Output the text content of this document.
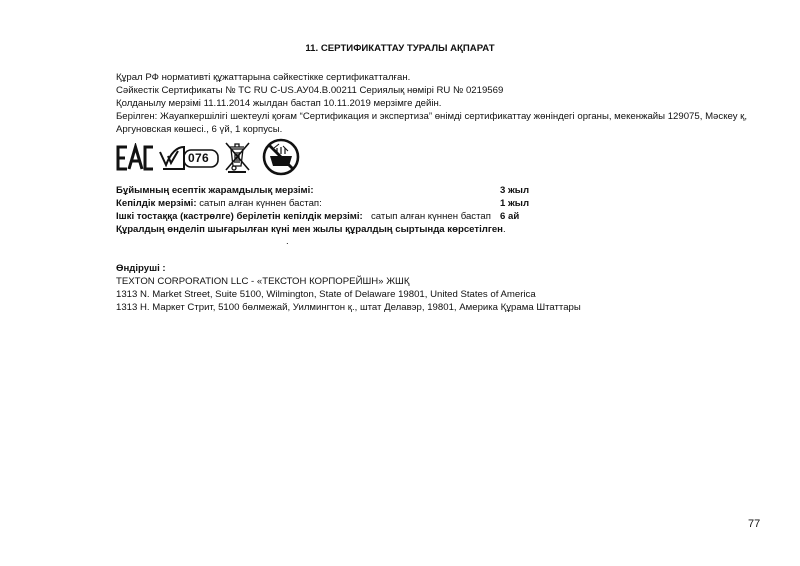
11. СЕРТИФИКАТТАУ ТУРАЛЫ АҚПАРАТ
Құрал РФ нормативті құжаттарына сәйкестікке сертификатталған.
Сәйкестік Сертификаты № ТС RU C-US.АУ04.В.00211 Сериялық нөмірі RU № 0219569
Қолданылу мерзімі 11.11.2014 жылдан бастап 10.11.2019 мерзімге дейін.
Берілген: Жауапкершілігі шектеулі қоғам “Сертификация и экспертиза” өнімді сертификаттау жөніндегі органы, мекенжайы 129075, Мәскеу қ,
Аргуновская көшесі., 6 үй, 1 корпусы.
076
Бұйымның есептік жарамдылық мерзімі:	3 жыл
Кепілдік мерзімі: сатып алған күннен бастап:	1 жыл
Ішкі тостаққа (кастрөлге) берілетін кепілдік мерзімі: сатып алған күннен бастап 6 ай
Құралдың өнделіп шығарылған күні мен жылы құралдың сыртында көрсетілген.
.
Өндіруші :
TEXTON CORPORATION LLC - «ТЕКСТОН КОРПОРЕЙШН» ЖШҚ
1313 N. Market Street, Suite 5100, Wilmington, State of Delaware 19801, United States of America
1313 Н. Маркет Стрит, 5100 бөлмежай, Уилмингтон қ., штат Делавэр, 19801, Америка Құрама Штаттары
77
